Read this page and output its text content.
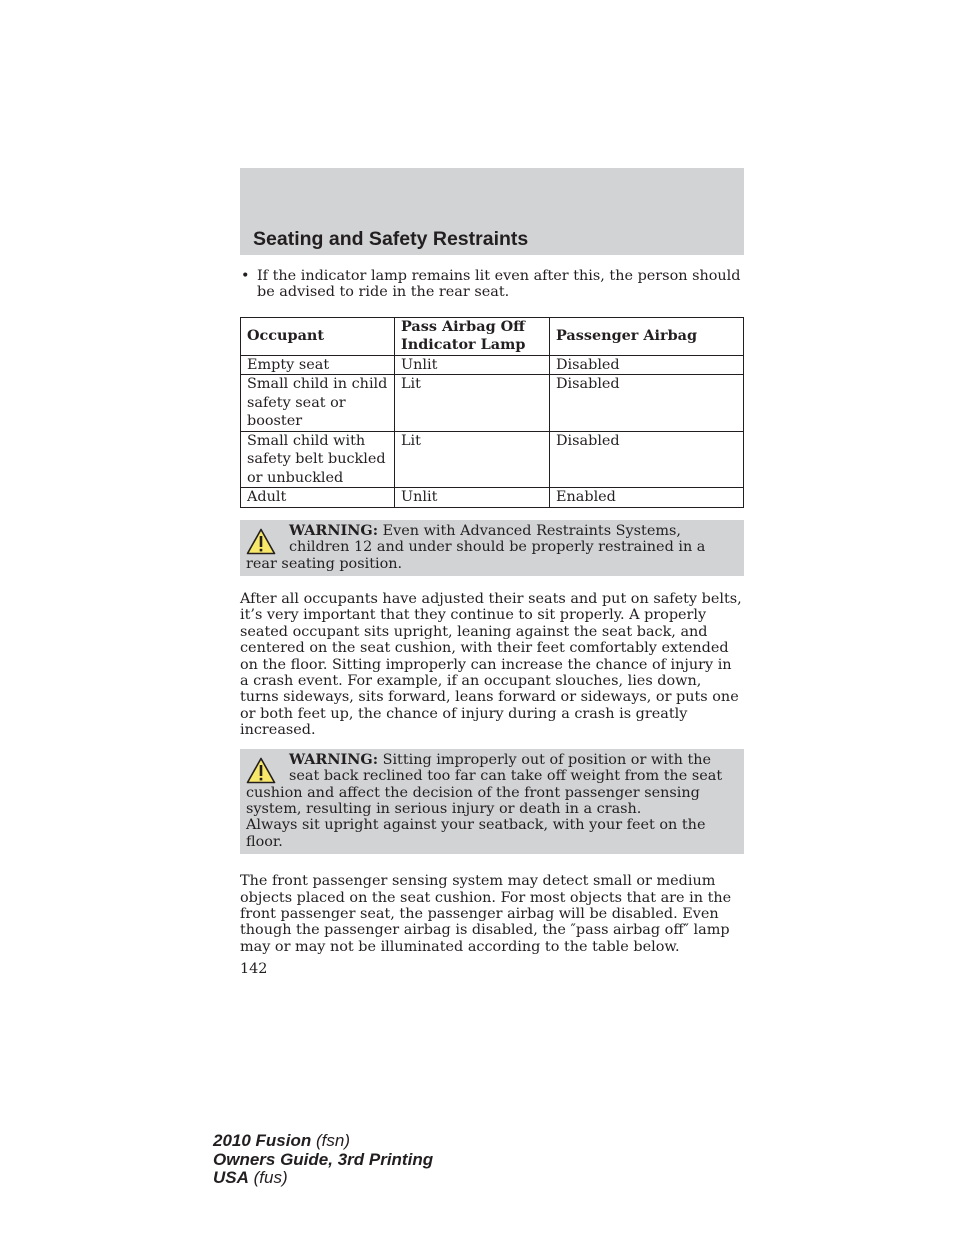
Seating and Safety Restraints

• If the indicator lamp remains lit even after this, the person should be advised to ride in the rear seat.

Occupant	Pass Airbag Off Indicator Lamp	Passenger Airbag
Empty seat	Unlit	Disabled
Small child in child safety seat or booster	Lit	Disabled
Small child with safety belt buckled or unbuckled	Lit	Disabled
Adult	Unlit	Enabled
WARNING: Even with Advanced Restraints Systems, children 12 and under should be properly restrained in a rear seating position.

After all occupants have adjusted their seats and put on safety belts, it’s very important that they continue to sit properly. A properly seated occupant sits upright, leaning against the seat back, and centered on the seat cushion, with their feet comfortably extended on the floor. Sitting improperly can increase the chance of injury in a crash event. For example, if an occupant slouches, lies down, turns sideways, sits forward, leans forward or sideways, or puts one or both feet up, the chance of injury during a crash is greatly increased.

WARNING: Sitting improperly out of position or with the seat back reclined too far can take off weight from the seat cushion and affect the decision of the front passenger sensing system, resulting in serious injury or death in a crash.
Always sit upright against your seatback, with your feet on the floor.

The front passenger sensing system may detect small or medium objects placed on the seat cushion. For most objects that are in the front passenger seat, the passenger airbag will be disabled. Even though the passenger airbag is disabled, the ″pass airbag off″ lamp may or may not be illuminated according to the table below.

142
2010 Fusion (fsn)
Owners Guide, 3rd Printing
USA (fus)
